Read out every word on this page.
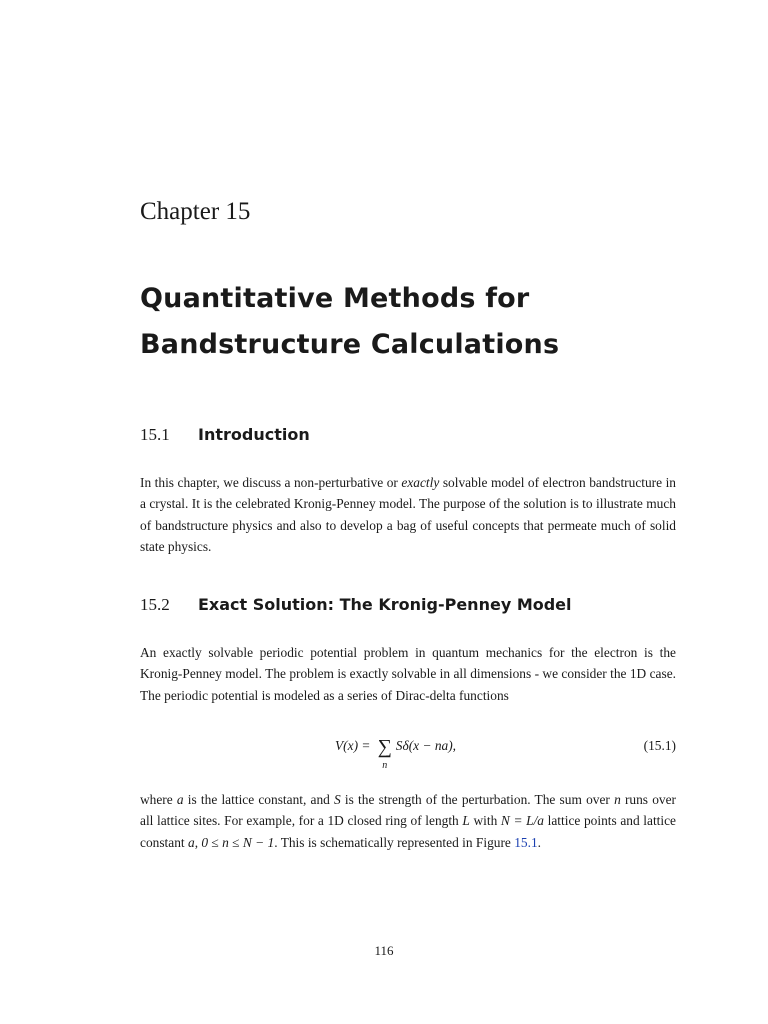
Chapter 15
Quantitative Methods for
Bandstructure Calculations
15.1 Introduction
In this chapter, we discuss a non-perturbative or exactly solvable model of electron bandstructure in a crystal. It is the celebrated Kronig-Penney model. The purpose of the solution is to illustrate much of bandstructure physics and also to develop a bag of useful concepts that permeate much of solid state physics.
15.2 Exact Solution: The Kronig-Penney Model
An exactly solvable periodic potential problem in quantum mechanics for the electron is the Kronig-Penney model. The problem is exactly solvable in all dimensions - we consider the 1D case. The periodic potential is modeled as a series of Dirac-delta functions
V(x) = ∑
n
Sδ(x − na),	(15.1)
where a is the lattice constant, and S is the strength of the perturbation. The sum over n runs over all lattice sites. For example, for a 1D closed ring of length L with N = L/a lattice points and lattice constant a, 0 ≤ n ≤ N − 1. This is schematically represented in Figure 15.1.
116
